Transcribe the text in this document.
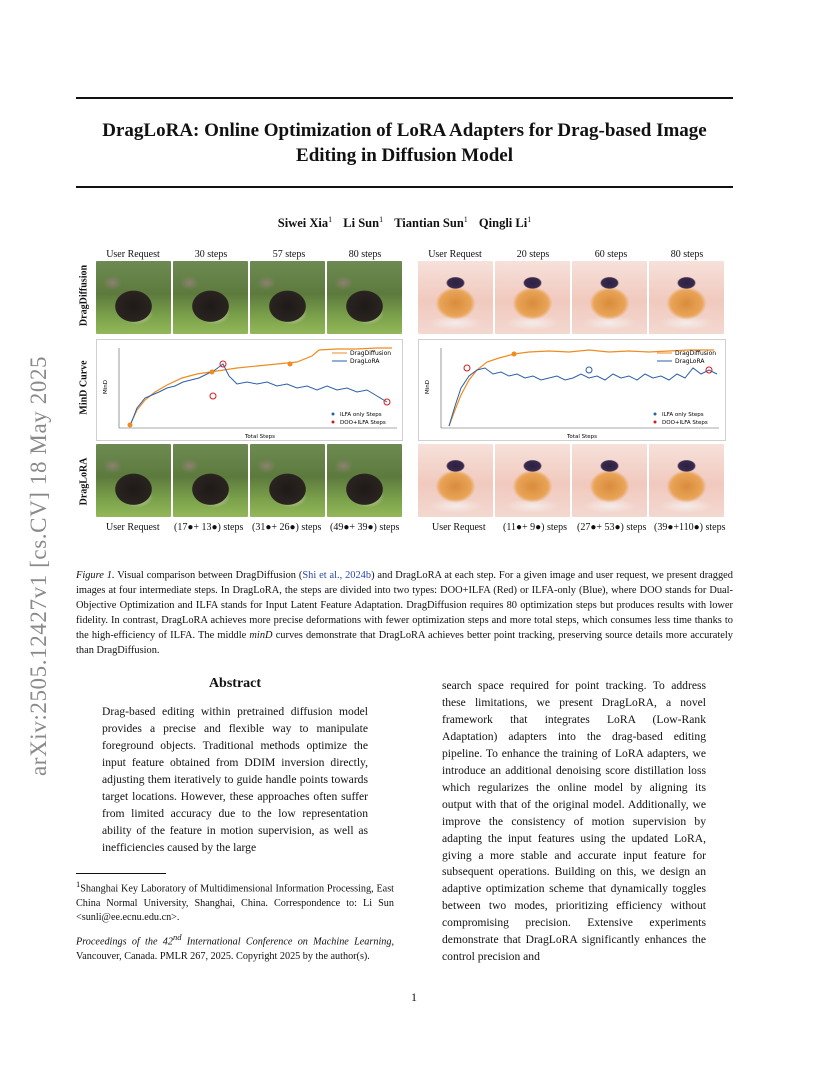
arXiv:2505.12427v1 [cs.CV] 18 May 2025
DragLoRA: Online Optimization of LoRA Adapters for Drag-based Image Editing in Diffusion Model
Siwei Xia$^1$ Li Sun$^1$ Tiantian Sun$^1$ Qingli Li$^1$
User Request	30 steps	57 steps	80 steps	User Request	20 steps	60 steps	80 steps
DragDiffusion
MinD Curve
DragLoRA
DragDiffusion
DragLoRA
ILFA only Steps
DOO+ILFA Steps
Total Steps
MinD
DragDiffusion
DragLoRA
ILFA only Steps
DOO+ILFA Steps
Total Steps
MinD
User Request (17●+ 13●) steps (31●+ 26●) steps (49●+ 39●) steps	User Request (11●+ 9●) steps (27●+ 53●) steps (39●+110●) steps
Figure 1. Visual comparison between DragDiffusion (Shi et al., 2024b) and DragLoRA at each step. For a given image and user request, we present dragged images at four intermediate steps. In DragLoRA, the steps are divided into two types: DOO+ILFA (Red) or ILFA-only (Blue), where DOO stands for Dual-Objective Optimization and ILFA stands for Input Latent Feature Adaptation. DragDiffusion requires 80 optimization steps but produces results with lower fidelity. In contrast, DragLoRA achieves more precise deformations with fewer optimization steps and more total steps, which consumes less time thanks to the high-efficiency of ILFA. The middle minD curves demonstrate that DragLoRA achieves better point tracking, preserving source details more accurately than DragDiffusion.
Abstract
Drag-based editing within pretrained diffusion model provides a precise and flexible way to manipulate foreground objects. Traditional methods optimize the input feature obtained from DDIM inversion directly, adjusting them iteratively to guide handle points towards target locations. However, these approaches often suffer from limited accuracy due to the low representation ability of the feature in motion supervision, as well as inefficiencies caused by the large
search space required for point tracking. To address these limitations, we present DragLoRA, a novel framework that integrates LoRA (Low-Rank Adaptation) adapters into the drag-based editing pipeline. To enhance the training of LoRA adapters, we introduce an additional denoising score distillation loss which regularizes the online model by aligning its output with that of the original model. Additionally, we improve the consistency of motion supervision by adapting the input features using the updated LoRA, giving a more stable and accurate input feature for subsequent operations. Building on this, we design an adaptive optimization scheme that dynamically toggles between two modes, prioritizing efficiency without compromising precision. Extensive experiments demonstrate that DragLoRA significantly enhances the control precision and
$^1$Shanghai Key Laboratory of Multidimensional Information Processing, East China Normal University, Shanghai, China. Correspondence to: Li Sun <sunli@ee.ecnu.edu.cn>.
Proceedings of the 42nd International Conference on Machine Learning, Vancouver, Canada. PMLR 267, 2025. Copyright 2025 by the author(s).
1
